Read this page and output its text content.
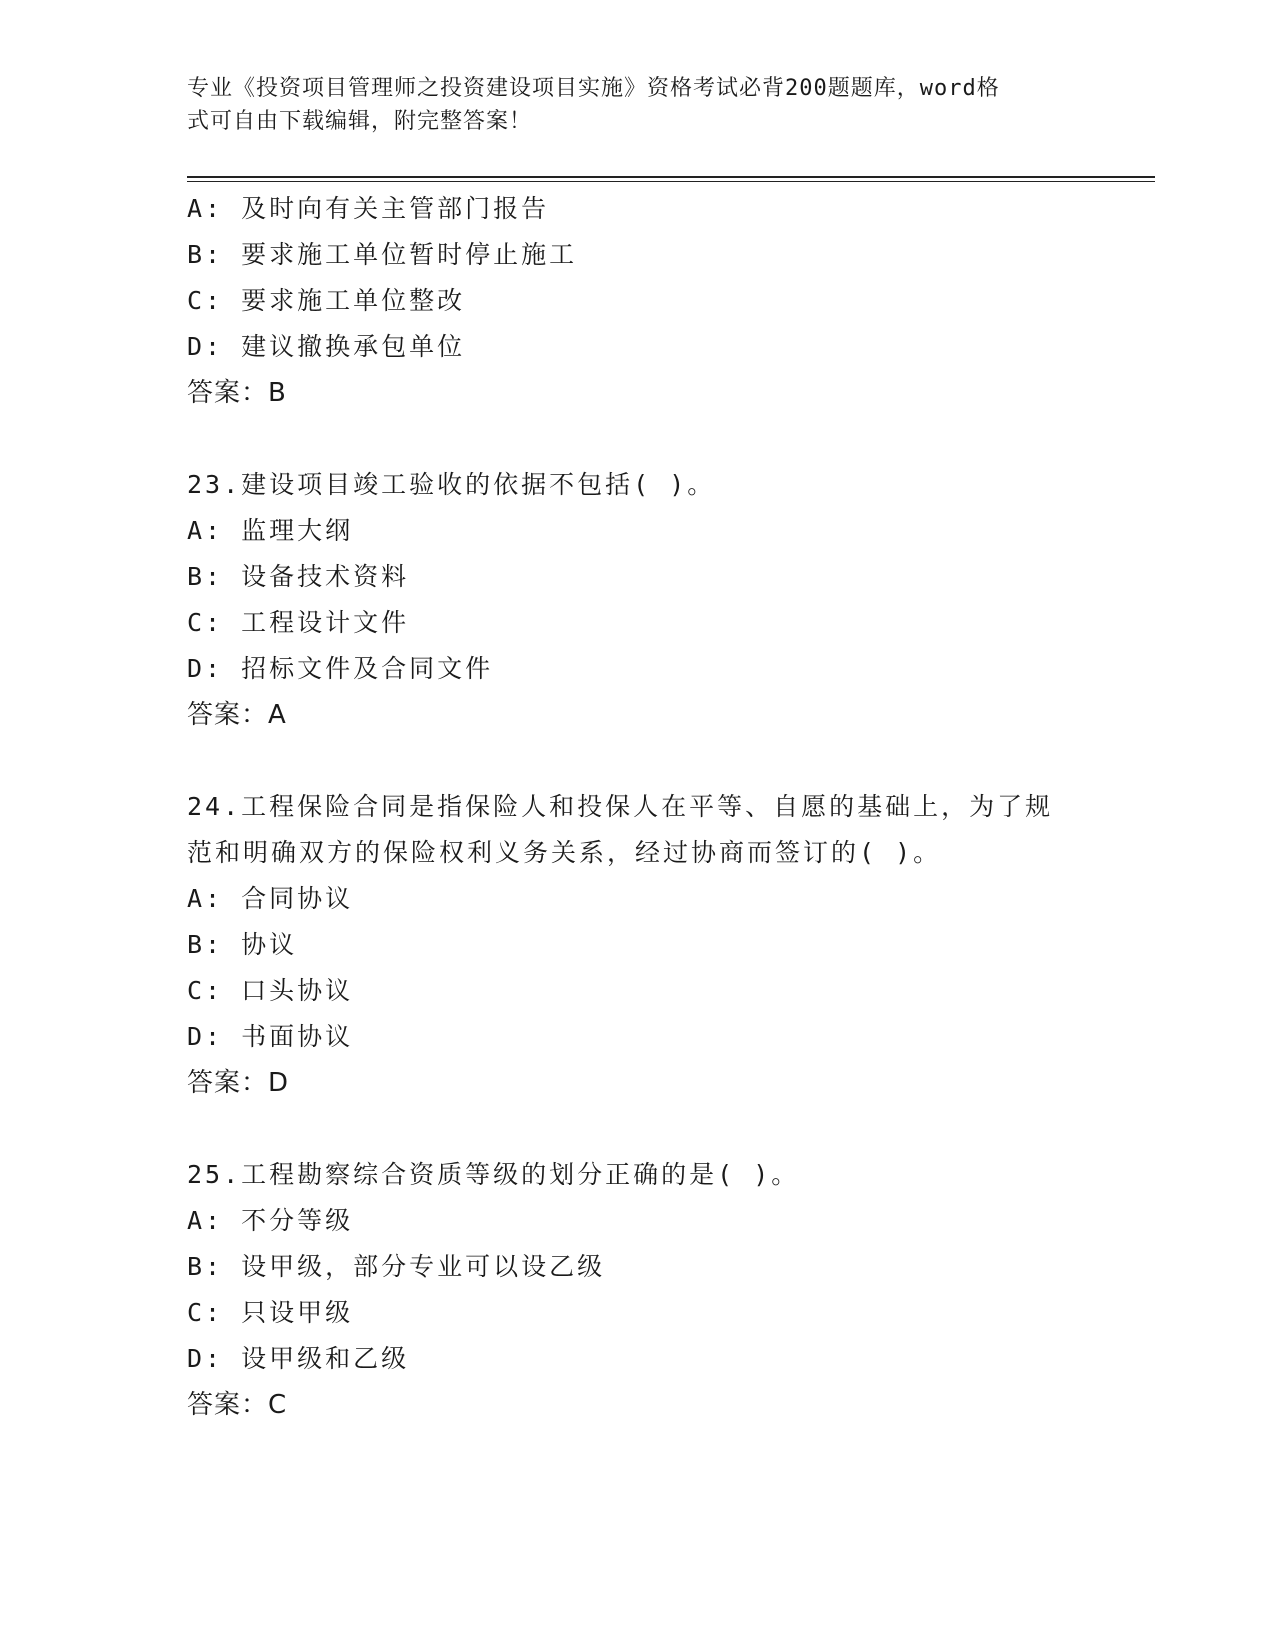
专业《投资项目管理师之投资建设项目实施》资格考试必背200题题库，word格
式可自由下载编辑，附完整答案！
A: 及时向有关主管部门报告
B: 要求施工单位暂时停止施工
C: 要求施工单位整改
D: 建议撤换承包单位
答案：B
23.建设项目竣工验收的依据不包括( )。
A: 监理大纲
B: 设备技术资料
C: 工程设计文件
D: 招标文件及合同文件
答案：A
24.工程保险合同是指保险人和投保人在平等、自愿的基础上，为了规
范和明确双方的保险权利义务关系，经过协商而签订的( )。
A: 合同协议
B: 协议
C: 口头协议
D: 书面协议
答案：D
25.工程勘察综合资质等级的划分正确的是( )。
A: 不分等级
B: 设甲级，部分专业可以设乙级
C: 只设甲级
D: 设甲级和乙级
答案：C
